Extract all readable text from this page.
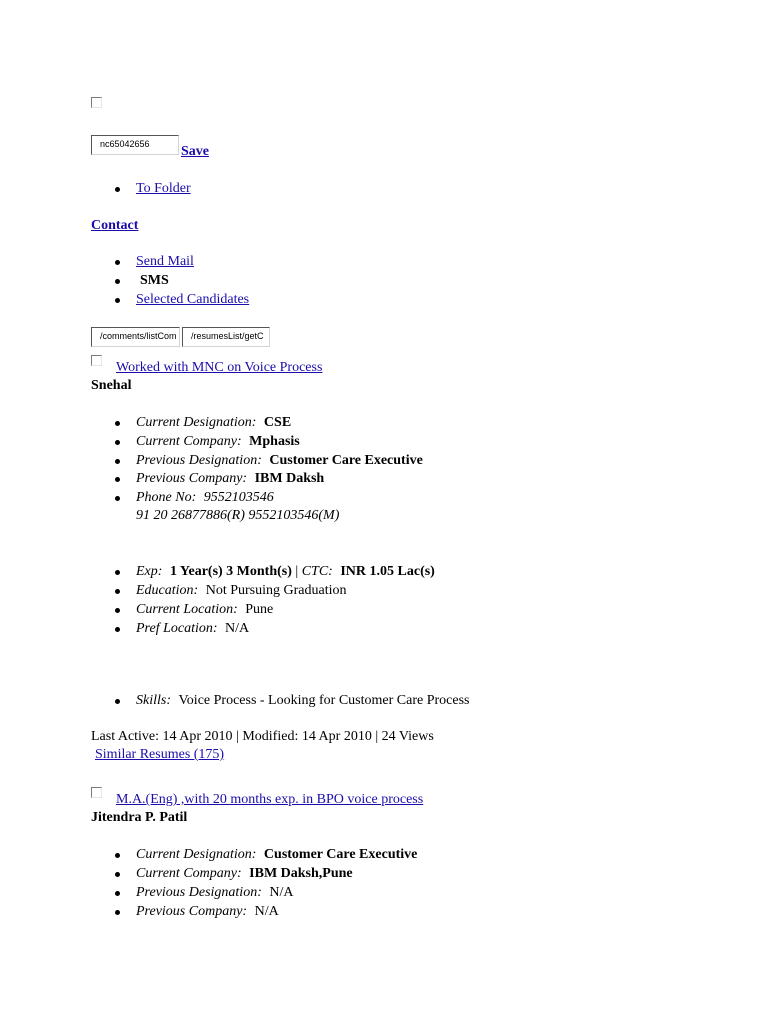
nc65042656	Save
To Folder
Contact
Send Mail
SMS
Selected Candidates
/comments/listCom	/resumesList/getC
Worked with MNC on Voice Process
Snehal
Current Designation: CSE
Current Company: Mphasis
Previous Designation: Customer Care Executive
Previous Company: IBM Daksh
Phone No: 9552103546
91 20 26877886(R) 9552103546(M)
Exp: 1 Year(s) 3 Month(s) | CTC: INR 1.05 Lac(s)
Education: Not Pursuing Graduation
Current Location: Pune
Pref Location: N/A
Skills: Voice Process - Looking for Customer Care Process
Last Active: 14 Apr 2010 | Modified: 14 Apr 2010 | 24 Views
Similar Resumes (175)
M.A.(Eng) ,with 20 months exp. in BPO voice process
Jitendra P. Patil
Current Designation: Customer Care Executive
Current Company: IBM Daksh,Pune
Previous Designation: N/A
Previous Company: N/A
